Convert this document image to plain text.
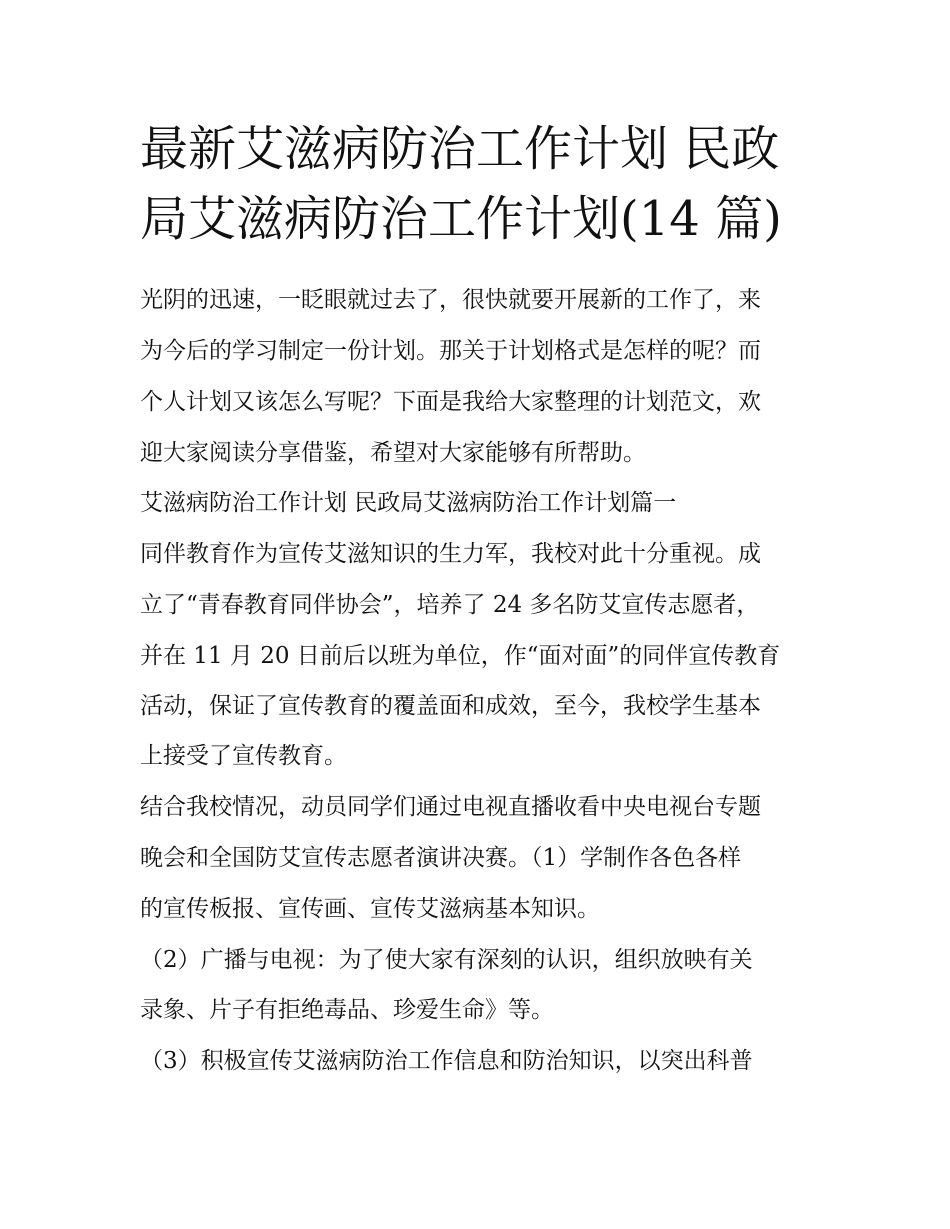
最新艾滋病防治工作计划 民政
局艾滋病防治工作计划(14 篇)
光阴的迅速，一眨眼就过去了，很快就要开展新的工作了，来
为今后的学习制定一份计划。那关于计划格式是怎样的呢？而
个人计划又该怎么写呢？下面是我给大家整理的计划范文，欢
迎大家阅读分享借鉴，希望对大家能够有所帮助。
艾滋病防治工作计划 民政局艾滋病防治工作计划篇一
同伴教育作为宣传艾滋知识的生力军，我校对此十分重视。成
立了“青春教育同伴协会”，培养了 24 多名防艾宣传志愿者，
并在 11 月 20 日前后以班为单位，作“面对面”的同伴宣传教育
活动，保证了宣传教育的覆盖面和成效，至今，我校学生基本
上接受了宣传教育。
结合我校情况，动员同学们通过电视直播收看中央电视台专题
晚会和全国防艾宣传志愿者演讲决赛。（1）学制作各色各样
的宣传板报、宣传画、宣传艾滋病基本知识。
（2）广播与电视：为了使大家有深刻的认识，组织放映有关
录象、片子有拒绝毒品、珍爱生命》等。
（3）积极宣传艾滋病防治工作信息和防治知识，以突出科普
